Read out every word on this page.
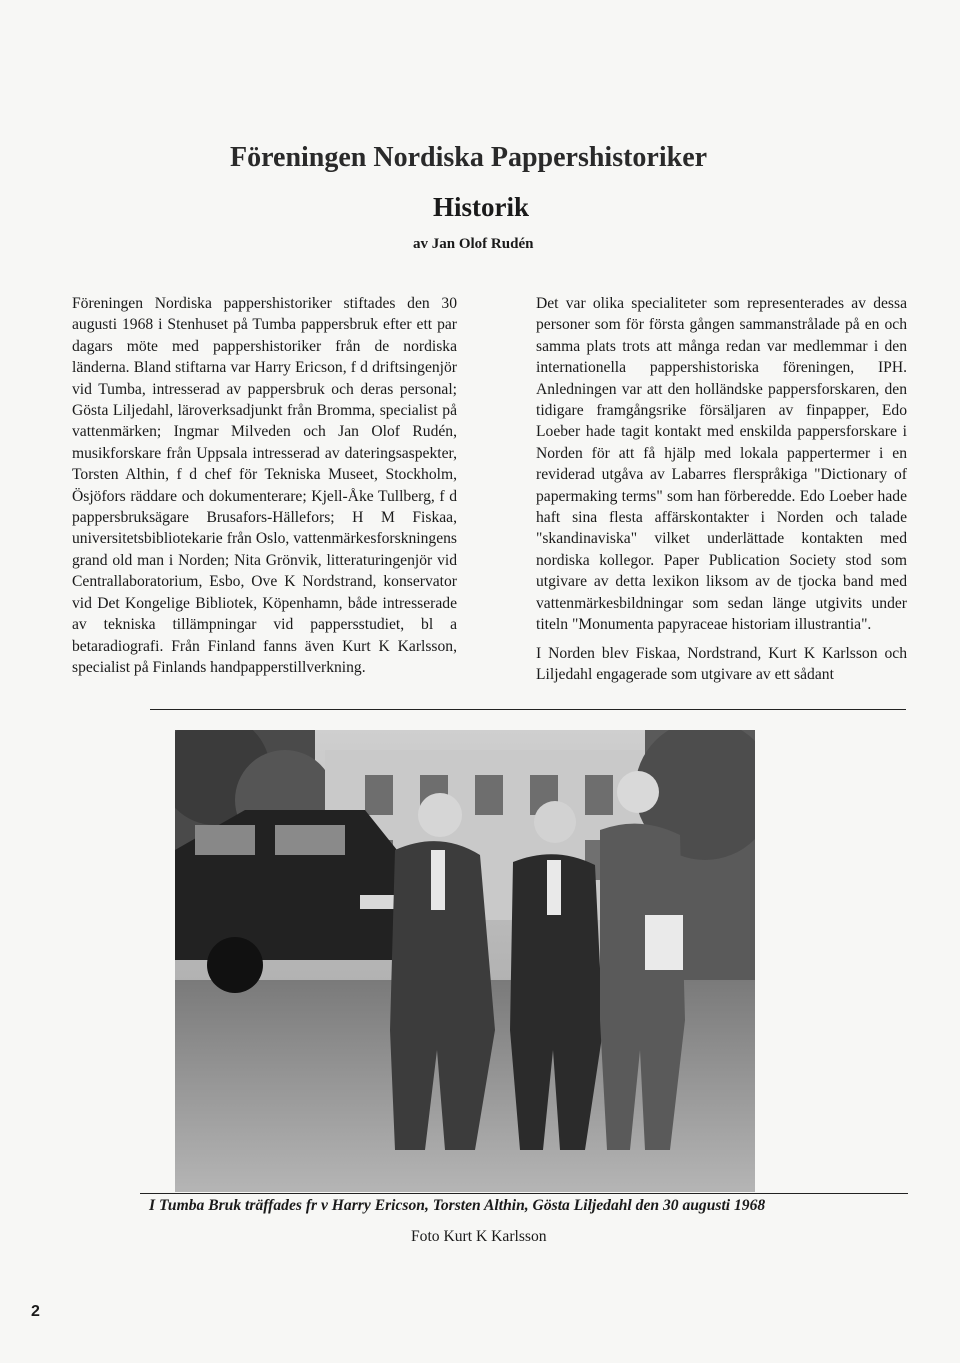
Föreningen Nordiska Pappershistoriker
Historik
av Jan Olof Rudén

Föreningen Nordiska pappershistoriker stiftades den 30 augusti 1968 i Stenhuset på Tumba pappersbruk efter ett par dagars möte med pappershistoriker från de nordiska länderna. Bland stiftarna var Harry Ericson, f d driftsingenjör vid Tumba, intresserad av pappersbruk och deras personal; Gösta Liljedahl, läroverksadjunkt från Bromma, specialist på vattenmärken; Ingmar Milveden och Jan Olof Rudén, musikforskare från Uppsala intresserad av dateringsaspekter, Torsten Althin, f d chef för Tekniska Museet, Stockholm, Ösjöfors räddare och dokumenterare; Kjell-Åke Tullberg, f d pappersbruksägare Brusafors-Hällefors; H M Fiskaa, universitetsbibliotekarie från Oslo, vattenmärkesforskningens grand old man i Norden; Nita Grönvik, litteraturingenjör vid Centrallaboratorium, Esbo, Ove K Nordstrand, konservator vid Det Kongelige Bibliotek, Köpenhamn, både intresserade av tekniska tillämpningar vid pappersstudiet, bl a betaradiografi. Från Finland fanns även Kurt K Karlsson, specialist på Finlands handpapperstillverkning.

Det var olika specialiteter som representerades av dessa personer som för första gången sammanstrålade på en och samma plats trots att många redan var medlemmar i den internationella pappershistoriska föreningen, IPH. Anledningen var att den holländske pappersforskaren, den tidigare framgångsrike försäljaren av finpapper, Edo Loeber hade tagit kontakt med enskilda pappersforskare i Norden för att få hjälp med lokala pappertermer i en reviderad utgåva av Labarres flerspråkiga "Dictionary of papermaking terms" som han förberedde. Edo Loeber hade haft sina flesta affärskontakter i Norden och talade "skandinaviska" vilket underlättade kontakten med nordiska kollegor. Paper Publication Society stod som utgivare av detta lexikon liksom av de tjocka band med vattenmärkesbildningar som sedan länge utgivits under titeln "Monumenta papyraceae historiam illustrantia".

I Norden blev Fiskaa, Nordstrand, Kurt K Karlsson och Liljedahl engagerade som utgivare av ett sådant

I Tumba Bruk träffades fr v Harry Ericson, Torsten Althin, Gösta Liljedahl den 30 augusti 1968
Foto Kurt K Karlsson
2
